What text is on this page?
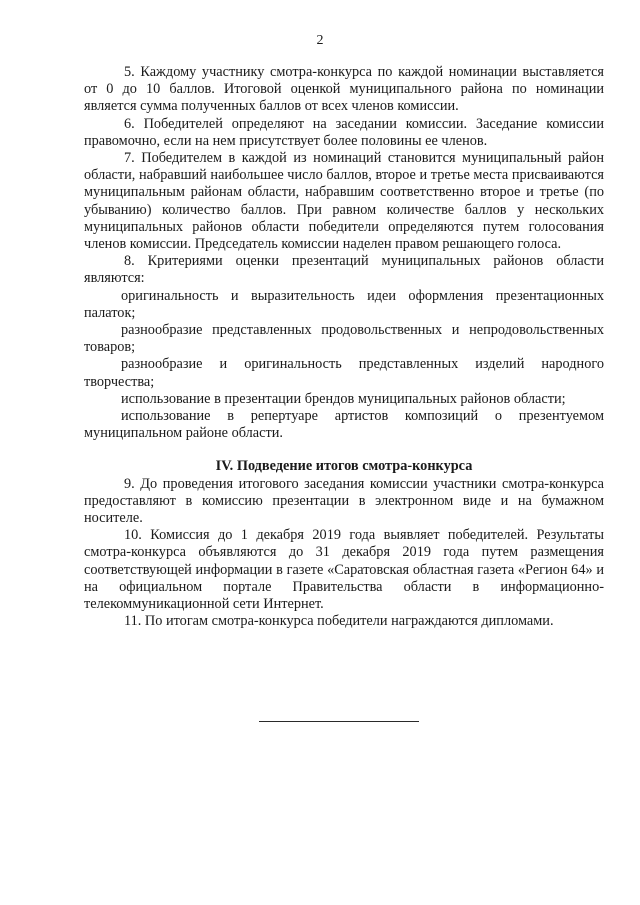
2

5. Каждому участнику смотра-конкурса по каждой номинации выставляется от 0 до 10 баллов. Итоговой оценкой муниципального района по номинации является сумма полученных баллов от всех членов комиссии.

6. Победителей определяют на заседании комиссии. Заседание комиссии правомочно, если на нем присутствует более половины ее членов.

7. Победителем в каждой из номинаций становится муниципальный район области, набравший наибольшее число баллов, второе и третье места присваиваются муниципальным районам области, набравшим соответственно второе и третье (по убыванию) количество баллов. При равном количестве баллов у нескольких муниципальных районов области победители определяются путем голосования членов комиссии. Председатель комиссии наделен правом решающего голоса.

8. Критериями оценки презентаций муниципальных районов области являются:

оригинальность и выразительность идеи оформления презентационных палаток;

разнообразие представленных продовольственных и непродовольственных товаров;

разнообразие и оригинальность представленных изделий народного творчества;

использование в презентации брендов муниципальных районов области;

использование в репертуаре артистов композиций о презентуемом муниципальном районе области.

IV. Подведение итогов смотра-конкурса

9. До проведения итогового заседания комиссии участники смотра-конкурса предоставляют в комиссию презентации в электронном виде и на бумажном носителе.

10. Комиссия до 1 декабря 2019 года выявляет победителей. Результаты смотра-конкурса объявляются до 31 декабря 2019 года путем размещения соответствующей информации в газете «Саратовская областная газета «Регион 64» и на официальном портале Правительства области в информационно-телекоммуникационной сети Интернет.

11. По итогам смотра-конкурса победители награждаются дипломами.
